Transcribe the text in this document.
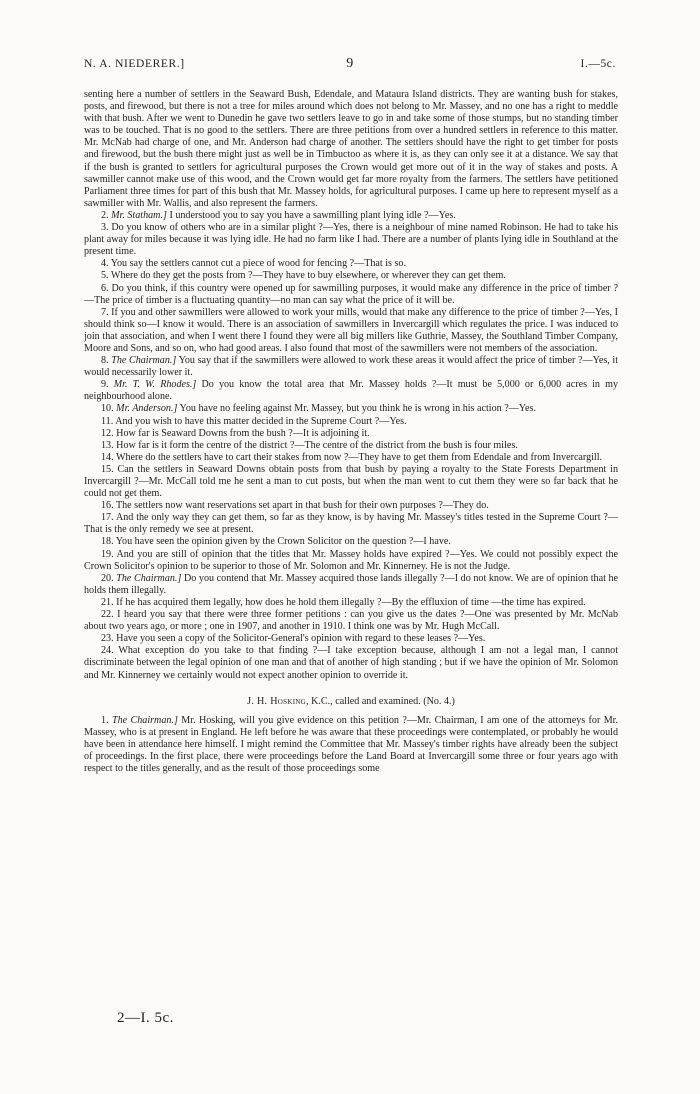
N. A. NIEDERER.]	9	I.—5c.

senting here a number of settlers in the Seaward Bush, Edendale, and Mataura Island districts. They are wanting bush for stakes, posts, and firewood, but there is not a tree for miles around which does not belong to Mr. Massey, and no one has a right to meddle with that bush. After we went to Dunedin he gave two settlers leave to go in and take some of those stumps, but no standing timber was to be touched. That is no good to the settlers. There are three petitions from over a hundred settlers in reference to this matter. Mr. McNab had charge of one, and Mr. Anderson had charge of another. The settlers should have the right to get timber for posts and firewood, but the bush there might just as well be in Timbuctoo as where it is, as they can only see it at a distance. We say that if the bush is granted to settlers for agricultural purposes the Crown would get more out of it in the way of stakes and posts. A sawmiller cannot make use of this wood, and the Crown would get far more royalty from the farmers. The settlers have petitioned Parliament three times for part of this bush that Mr. Massey holds, for agricultural purposes. I came up here to represent myself as a sawmiller with Mr. Wallis, and also represent the farmers.

2. Mr. Statham.] I understood you to say you have a sawmilling plant lying idle ?—Yes.

3. Do you know of others who are in a similar plight ?—Yes, there is a neighbour of mine named Robinson. He had to take his plant away for miles because it was lying idle. He had no farm like I had. There are a number of plants lying idle in Southland at the present time.

4. You say the settlers cannot cut a piece of wood for fencing ?—That is so.

5. Where do they get the posts from ?—They have to buy elsewhere, or wherever they can get them.

6. Do you think, if this country were opened up for sawmilling purposes, it would make any difference in the price of timber ?—The price of timber is a fluctuating quantity—no man can say what the price of it will be.

7. If you and other sawmillers were allowed to work your mills, would that make any difference to the price of timber ?—Yes, I should think so—I know it would. There is an association of sawmillers in Invercargill which regulates the price. I was induced to join that association, and when I went there I found they were all big millers like Guthrie, Massey, the Southland Timber Company, Moore and Sons, and so on, who had good areas. I also found that most of the sawmillers were not members of the association.

8. The Chairman.] You say that if the sawmillers were allowed to work these areas it would affect the price of timber ?—Yes, it would necessarily lower it.

9. Mr. T. W. Rhodes.] Do you know the total area that Mr. Massey holds ?—It must be 5,000 or 6,000 acres in my neighbourhood alone.

10. Mr. Anderson.] You have no feeling against Mr. Massey, but you think he is wrong in his action ?—Yes.

11. And you wish to have this matter decided in the Supreme Court ?—Yes.

12. How far is Seaward Downs from the bush ?—It is adjoining it.

13. How far is it form the centre of the district ?—The centre of the district from the bush is four miles.

14. Where do the settlers have to cart their stakes from now ?—They have to get them from Edendale and from Invercargill.

15. Can the settlers in Seaward Downs obtain posts from that bush by paying a royalty to the State Forests Department in Invercargill ?—Mr. McCall told me he sent a man to cut posts, but when the man went to cut them they were so far back that he could not get them.

16. The settlers now want reservations set apart in that bush for their own purposes ?—They do.

17. And the only way they can get them, so far as they know, is by having Mr. Massey's titles tested in the Supreme Court ?—That is the only remedy we see at present.

18. You have seen the opinion given by the Crown Solicitor on the question ?—I have.

19. And you are still of opinion that the titles that Mr. Massey holds have expired ?—Yes. We could not possibly expect the Crown Solicitor's opinion to be superior to those of Mr. Solomon and Mr. Kinnerney. He is not the Judge.

20. The Chairman.] Do you contend that Mr. Massey acquired those lands illegally ?—I do not know. We are of opinion that he holds them illegally.

21. If he has acquired them legally, how does he hold them illegally ?—By the effluxion of time —the time has expired.

22. I heard you say that there were three former petitions : can you give us the dates ?—One was presented by Mr. McNab about two years ago, or more ; one in 1907, and another in 1910. I think one was by Mr. Hugh McCall.

23. Have you seen a copy of the Solicitor-General's opinion with regard to these leases ?—Yes.

24. What exception do you take to that finding ?—I take exception because, although I am not a legal man, I cannot discriminate between the legal opinion of one man and that of another of high standing ; but if we have the opinion of Mr. Solomon and Mr. Kinnerney we certainly would not expect another opinion to override it.

J. H. Hosking, K.C., called and examined. (No. 4.)

1. The Chairman.] Mr. Hosking, will you give evidence on this petition ?—Mr. Chairman, I am one of the attorneys for Mr. Massey, who is at present in England. He left before he was aware that these proceedings were contemplated, or probably he would have been in attendance here himself. I might remind the Committee that Mr. Massey's timber rights have already been the subject of proceedings. In the first place, there were proceedings before the Land Board at Invercargill some three or four years ago with respect to the titles generally, and as the result of those proceedings some

2—I. 5c.
